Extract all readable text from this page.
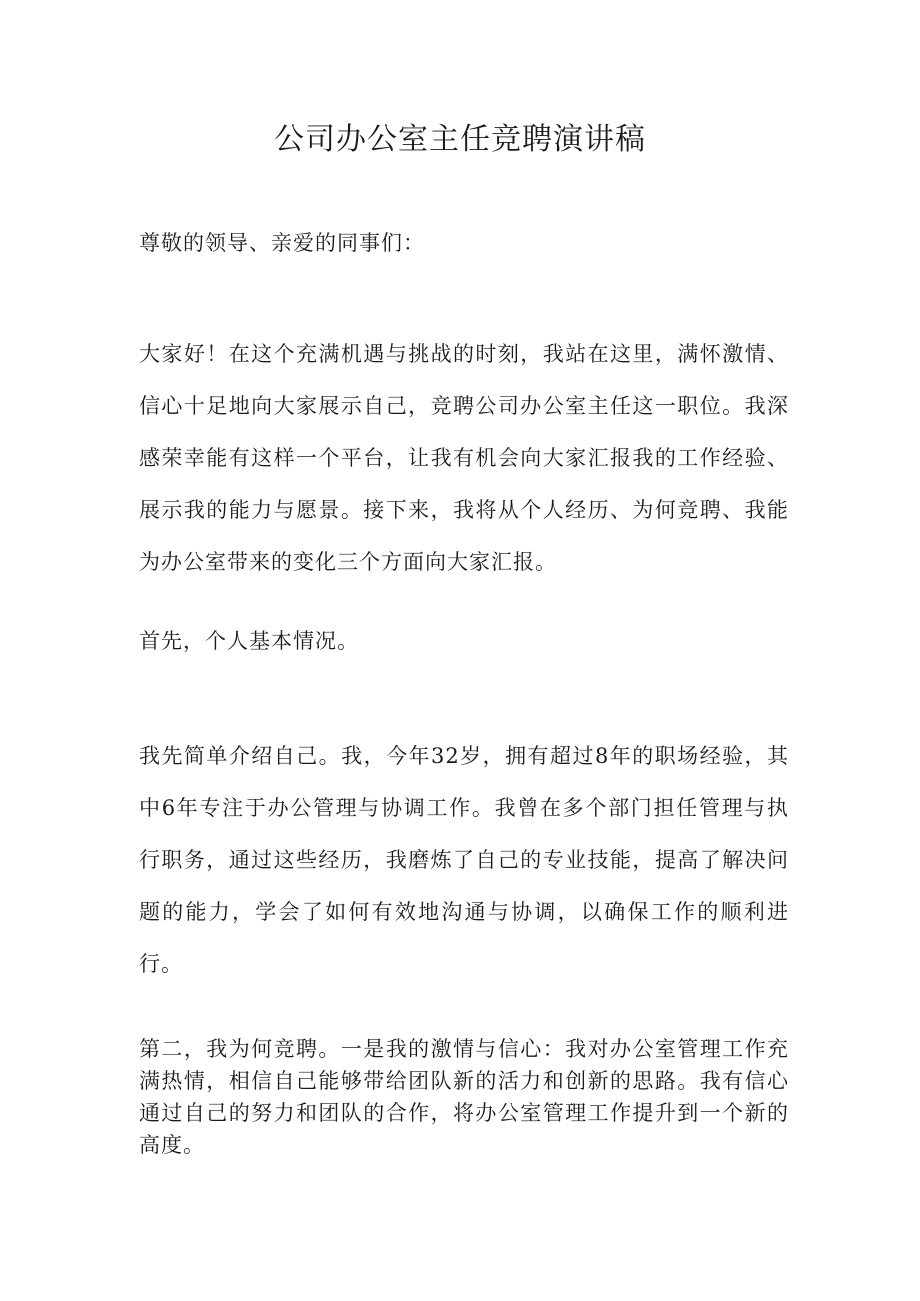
公司办公室主任竞聘演讲稿

尊敬的领导、亲爱的同事们：

大家好！在这个充满机遇与挑战的时刻，我站在这里，满怀激情、信心十足地向大家展示自己，竞聘公司办公室主任这一职位。我深感荣幸能有这样一个平台，让我有机会向大家汇报我的工作经验、展示我的能力与愿景。接下来，我将从个人经历、为何竞聘、我能为办公室带来的变化三个方面向大家汇报。

首先，个人基本情况。

我先简单介绍自己。我，今年32岁，拥有超过8年的职场经验，其中6年专注于办公管理与协调工作。我曾在多个部门担任管理与执行职务，通过这些经历，我磨炼了自己的专业技能，提高了解决问题的能力，学会了如何有效地沟通与协调，以确保工作的顺利进行。

第二，我为何竞聘。一是我的激情与信心：我对办公室管理工作充满热情，相信自己能够带给团队新的活力和创新的思路。我有信心通过自己的努力和团队的合作，将办公室管理工作提升到一个新的高度。
